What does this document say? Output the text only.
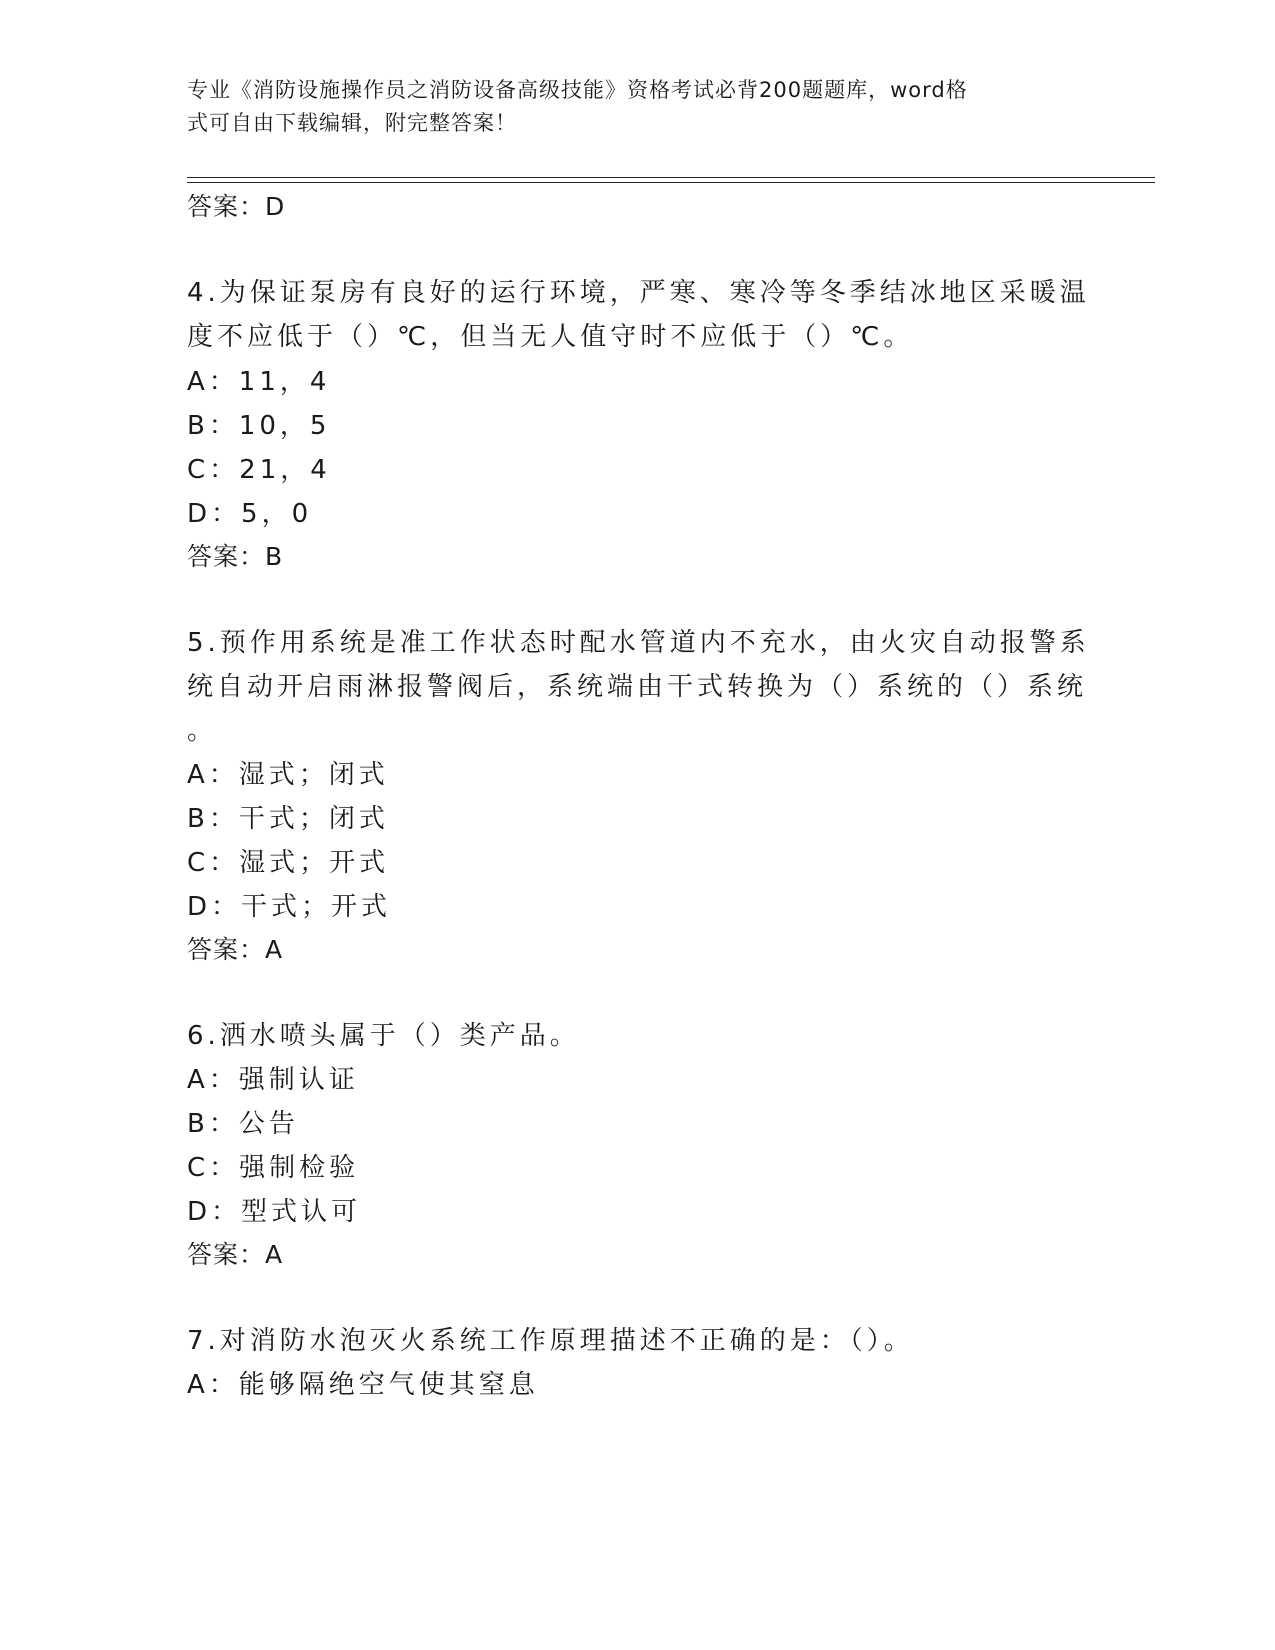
专业《消防设施操作员之消防设备高级技能》资格考试必背200题题库，word格
式可自由下载编辑，附完整答案！
答案：D
4.为保证泵房有良好的运行环境，严寒、寒冷等冬季结冰地区采暖温
度不应低于（）℃，但当无人值守时不应低于（）℃。
A：11，4
B：10，5
C：21，4
D：5，0
答案：B
5.预作用系统是准工作状态时配水管道内不充水，由火灾自动报警系
统自动开启雨淋报警阀后，系统端由干式转换为（）系统的（）系统
。
A：湿式；闭式
B：干式；闭式
C：湿式；开式
D：干式；开式
答案：A
6.洒水喷头属于（）类产品。
A：强制认证
B：公告
C：强制检验
D：型式认可
答案：A
7.对消防水泡灭火系统工作原理描述不正确的是：（）。
A：能够隔绝空气使其窒息
